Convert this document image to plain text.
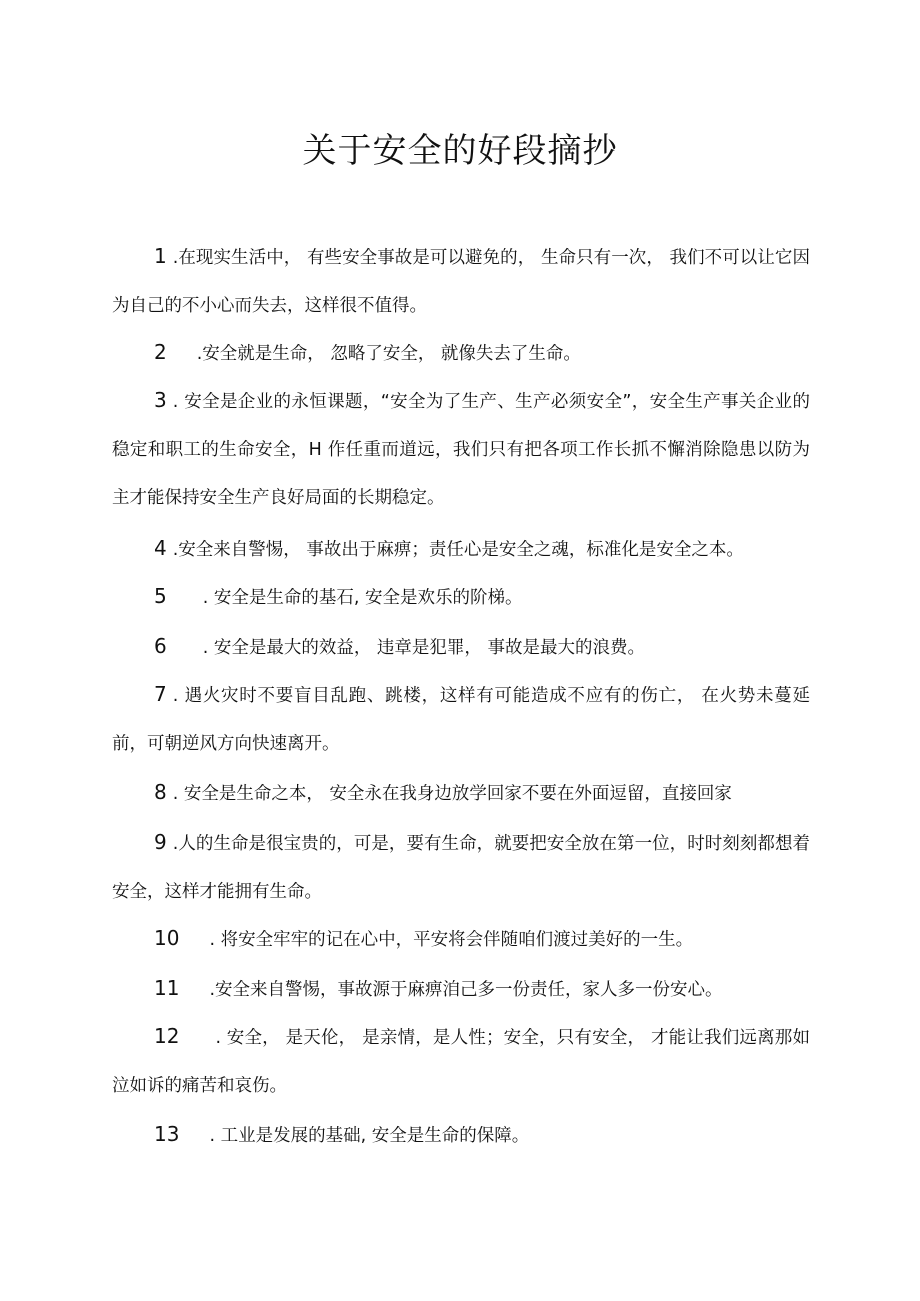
关于安全的好段摘抄

1 .在现实生活中， 有些安全事故是可以避免的， 生命只有一次， 我们不可以让它因为自己的不小心而失去，这样很不值得。

2 .安全就是生命， 忽略了安全， 就像失去了生命。

3 . 安全是企业的永恒课题，“安全为了生产、生产必须安全”，安全生产事关企业的稳定和职工的生命安全，H 作任重而道远，我们只有把各项工作长抓不懈消除隐患以防为主才能保持安全生产良好局面的长期稳定。

4 .安全来自警惕， 事故出于麻痹；责任心是安全之魂，标准化是安全之本。

5 . 安全是生命的基石, 安全是欢乐的阶梯。

6 . 安全是最大的效益， 违章是犯罪， 事故是最大的浪费。

7 . 遇火灾时不要盲目乱跑、跳楼，这样有可能造成不应有的伤亡， 在火势未蔓延前，可朝逆风方向快速离开。

8 . 安全是生命之本， 安全永在我身边放学回家不要在外面逗留，直接回家

9 .人的生命是很宝贵的，可是，要有生命，就要把安全放在第一位，时时刻刻都想着安全，这样才能拥有生命。

10 . 将安全牢牢的记在心中，平安将会伴随咱们渡过美好的一生。

11 .安全来自警惕，事故源于麻痹洎己多一份责任，家人多一份安心。

12 . 安全， 是天伦， 是亲情，是人性；安全，只有安全， 才能让我们远离那如泣如诉的痛苦和哀伤。

13 . 工业是发展的基础, 安全是生命的保障。
